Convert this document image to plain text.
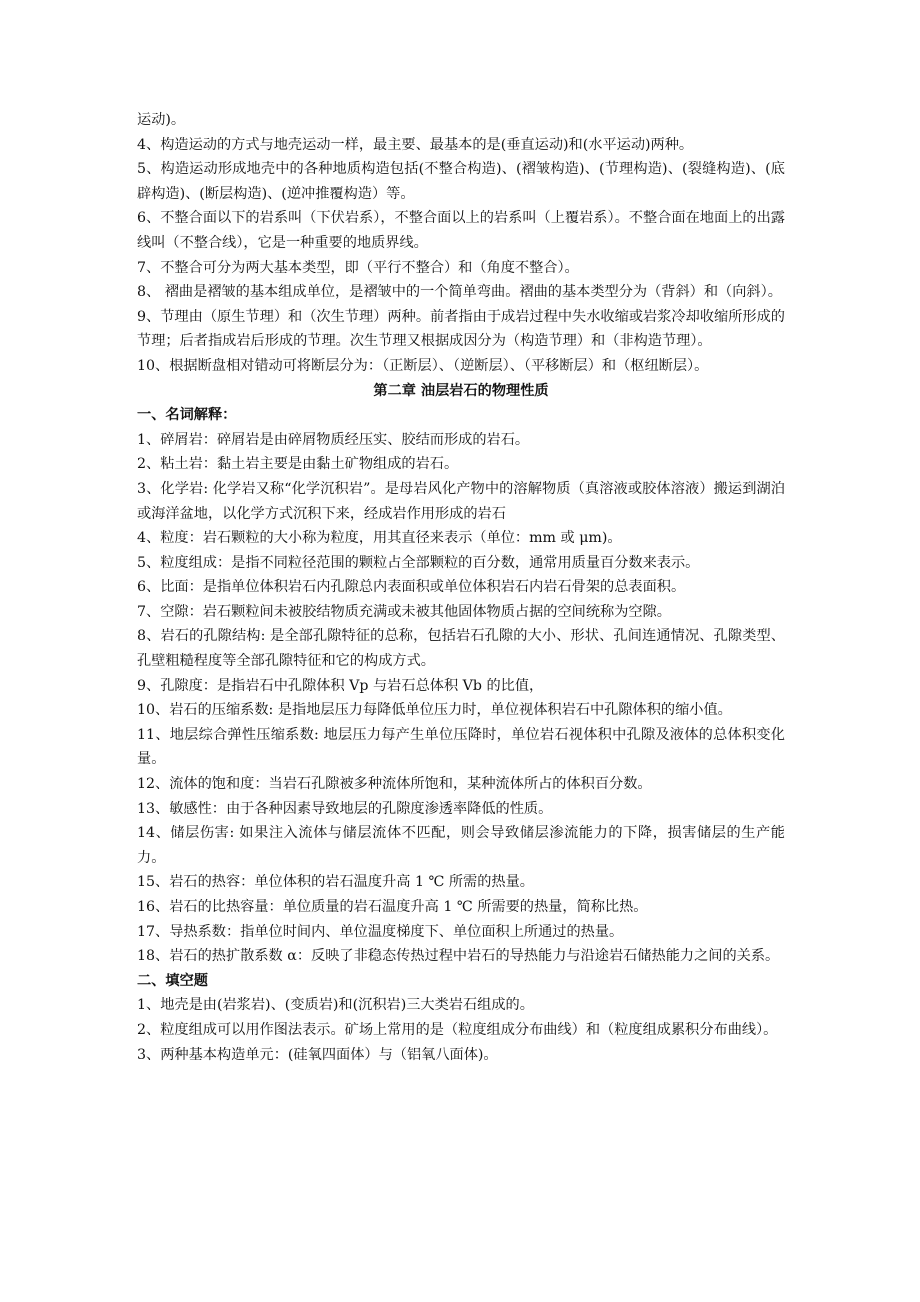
运动)。

4、构造运动的方式与地壳运动一样，最主要、最基本的是(垂直运动)和(水平运动)两种。

5、构造运动形成地壳中的各种地质构造包括(不整合构造)、(褶皱构造)、(节理构造)、(裂缝构造)、(底辟构造)、(断层构造)、(逆冲推覆构造）等。

6、不整合面以下的岩系叫（下伏岩系），不整合面以上的岩系叫（上覆岩系）。不整合面在地面上的出露线叫（不整合线），它是一种重要的地质界线。

7、不整合可分为两大基本类型，即（平行不整合）和（角度不整合）。

8、 褶曲是褶皱的基本组成单位，是褶皱中的一个简单弯曲。褶曲的基本类型分为（背斜）和（向斜）。

9、节理由（原生节理）和（次生节理）两种。前者指由于成岩过程中失水收缩或岩浆冷却收缩所形成的节理；后者指成岩后形成的节理。次生节理又根据成因分为（构造节理）和（非构造节理）。

10、根据断盘相对错动可将断层分为：（正断层）、（逆断层）、（平移断层）和（枢纽断层）。

第二章 油层岩石的物理性质

一、名词解释：

1、碎屑岩：碎屑岩是由碎屑物质经压实、胶结而形成的岩石。

2、粘土岩：黏土岩主要是由黏土矿物组成的岩石。

3、化学岩: 化学岩又称“化学沉积岩”。是母岩风化产物中的溶解物质（真溶液或胶体溶液）搬运到湖泊或海洋盆地，以化学方式沉积下来，经成岩作用形成的岩石

4、粒度：岩石颗粒的大小称为粒度，用其直径来表示（单位：mm 或 μm)。

5、粒度组成：是指不同粒径范围的颗粒占全部颗粒的百分数，通常用质量百分数来表示。

6、比面：是指单位体积岩石内孔隙总内表面积或单位体积岩石内岩石骨架的总表面积。

7、空隙：岩石颗粒间未被胶结物质充满或未被其他固体物质占据的空间统称为空隙。

8、岩石的孔隙结构: 是全部孔隙特征的总称，包括岩石孔隙的大小、形状、孔间连通情况、孔隙类型、孔壁粗糙程度等全部孔隙特征和它的构成方式。

9、孔隙度：是指岩石中孔隙体积 Vp 与岩石总体积 Vb 的比值，

10、岩石的压缩系数: 是指地层压力每降低单位压力时，单位视体积岩石中孔隙体积的缩小值。

11、地层综合弹性压缩系数: 地层压力每产生单位压降时，单位岩石视体积中孔隙及液体的总体积变化量。

12、流体的饱和度：当岩石孔隙被多种流体所饱和，某种流体所占的体积百分数。

13、敏感性：由于各种因素导致地层的孔隙度渗透率降低的性质。

14、储层伤害: 如果注入流体与储层流体不匹配，则会导致储层渗流能力的下降，损害储层的生产能力。

15、岩石的热容：单位体积的岩石温度升高 1 ℃ 所需的热量。

16、岩石的比热容量：单位质量的岩石温度升高 1 ℃ 所需要的热量，简称比热。

17、导热系数：指单位时间内、单位温度梯度下、单位面积上所通过的热量。

18、岩石的热扩散系数 α：反映了非稳态传热过程中岩石的导热能力与沿途岩石储热能力之间的关系。

二、填空题

1、地壳是由(岩浆岩)、(变质岩)和(沉积岩)三大类岩石组成的。

2、粒度组成可以用作图法表示。矿场上常用的是（粒度组成分布曲线）和（粒度组成累积分布曲线）。

3、两种基本构造单元：(硅氧四面体）与（铝氧八面体)。
